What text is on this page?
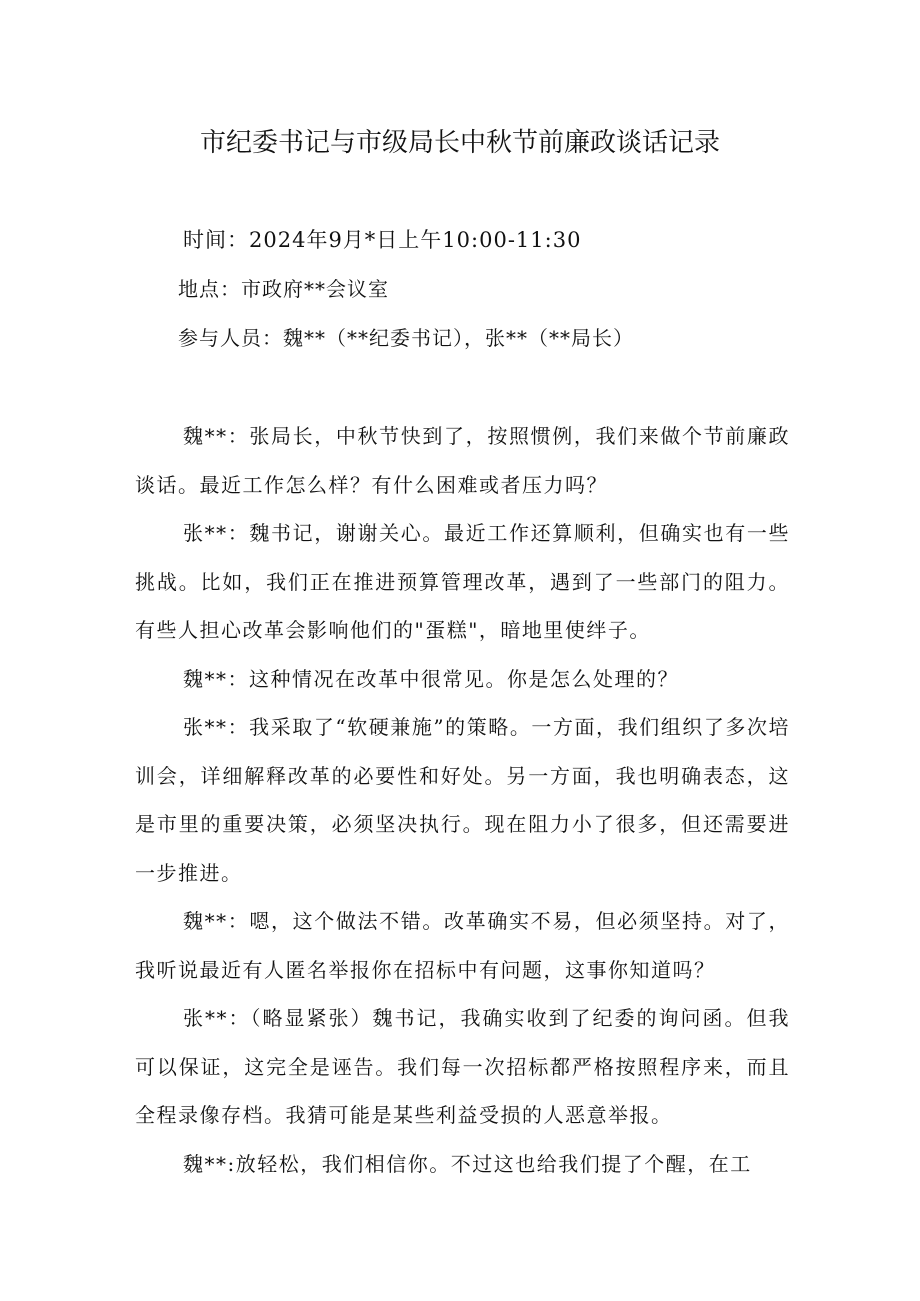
市纪委书记与市级局长中秋节前廉政谈话记录
时间：2024年9月*日上午10:00-11:30
地点：市政府**会议室
参与人员：魏**（**纪委书记），张**（**局长）

魏**：张局长，中秋节快到了，按照惯例，我们来做个节前廉政谈话。最近工作怎么样？有什么困难或者压力吗？

张**：魏书记，谢谢关心。最近工作还算顺利，但确实也有一些挑战。比如，我们正在推进预算管理改革，遇到了一些部门的阻力。有些人担心改革会影响他们的"蛋糕"，暗地里使绊子。

魏**：这种情况在改革中很常见。你是怎么处理的？

张**：我采取了“软硬兼施”的策略。一方面，我们组织了多次培训会，详细解释改革的必要性和好处。另一方面，我也明确表态，这是市里的重要决策，必须坚决执行。现在阻力小了很多，但还需要进一步推进。

魏**：嗯，这个做法不错。改革确实不易，但必须坚持。对了，我听说最近有人匿名举报你在招标中有问题，这事你知道吗？

张**：（略显紧张）魏书记，我确实收到了纪委的询问函。但我可以保证，这完全是诬告。我们每一次招标都严格按照程序来，而且全程录像存档。我猜可能是某些利益受损的人恶意举报。

魏**:放轻松，我们相信你。不过这也给我们提了个醒，在工
